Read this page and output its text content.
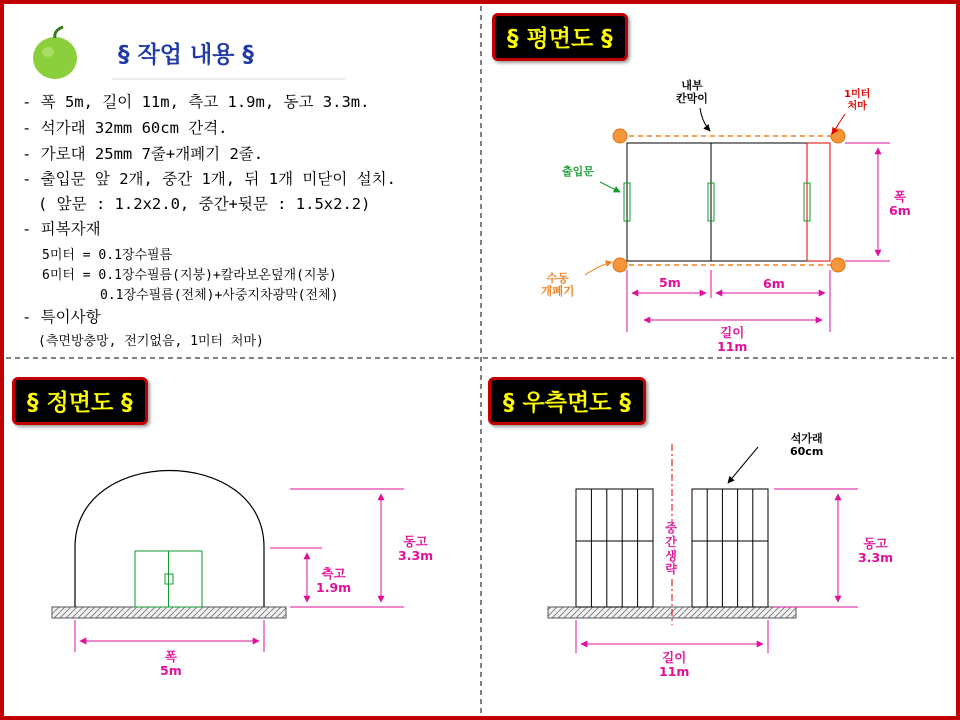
§ 작업 내용 §
- 폭 5m, 길이 11m, 측고 1.9m, 동고 3.3m.
- 석가래 32mm 60cm 간격.
- 가로대 25mm 7줄+개폐기 2줄.
- 출입문 앞 2개, 중간 1개, 뒤 1개 미닫이 설치.
( 앞문 : 1.2x2.0, 중간+뒷문 : 1.5x2.2)
- 피복자재
5미터 = 0.1장수필름
6미터 = 0.1장수필름(지붕)+칼라보온덮개(지붕)
0.1장수필름(전체)+사중지차광막(전체)
- 특이사항
(측면방충망, 전기없음, 1미터 처마)
§ 평면도 §
§ 정면도 §	§ 우측면도 §
내부
칸막이	1미터
처마
출입문
수동
개폐기
폭
6m
5m	6m
길이
11m
측고
1.9m
동고
3.3m
폭
5m
석가래
60cm
중간생략
동고
3.3m
길이
11m
